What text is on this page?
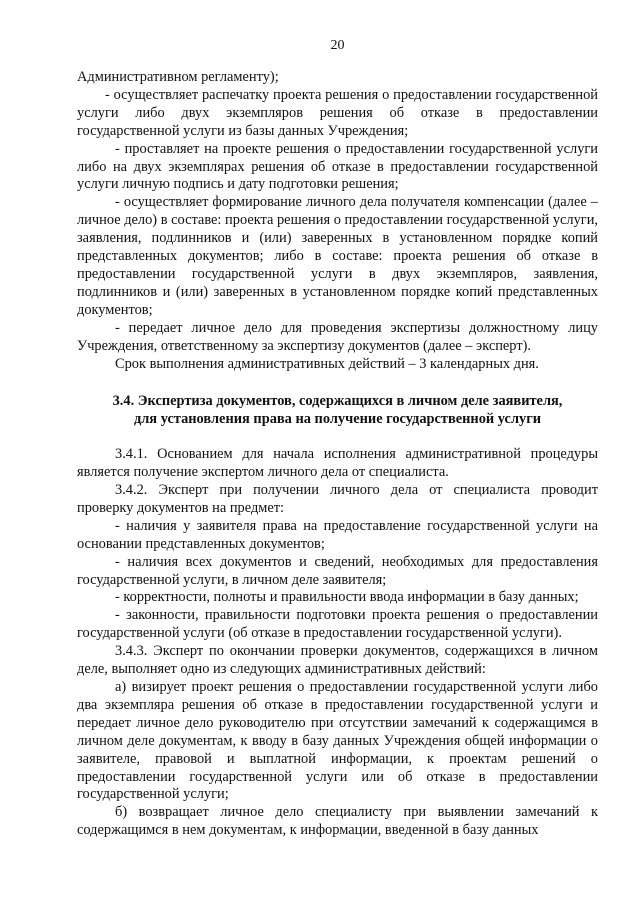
20

Административном регламенту);

- осуществляет распечатку проекта решения о предоставлении государственной услуги либо двух экземпляров решения об отказе в предоставлении государственной услуги из базы данных Учреждения;

- проставляет на проекте решения о предоставлении государственной услуги либо на двух экземплярах решения об отказе в предоставлении государственной услуги личную подпись и дату подготовки решения;

- осуществляет формирование личного дела получателя компенсации (далее – личное дело) в составе: проекта решения о предоставлении государственной услуги, заявления, подлинников и (или) заверенных в установленном порядке копий представленных документов; либо в составе: проекта решения об отказе в предоставлении государственной услуги в двух экземпляров, заявления, подлинников и (или) заверенных в установленном порядке копий представленных документов;

- передает личное дело для проведения экспертизы должностному лицу Учреждения, ответственному за экспертизу документов (далее – эксперт).

Срок выполнения административных действий – 3 календарных дня.

3.4. Экспертиза документов, содержащихся в личном деле заявителя,
для установления права на получение государственной услуги

3.4.1. Основанием для начала исполнения административной процедуры является получение экспертом личного дела от специалиста.

3.4.2. Эксперт при получении личного дела от специалиста проводит проверку документов на предмет:

- наличия у заявителя права на предоставление государственной услуги на основании представленных документов;

- наличия всех документов и сведений, необходимых для предоставления государственной услуги, в личном деле заявителя;

- корректности, полноты и правильности ввода информации в базу данных;

- законности, правильности подготовки проекта решения о предоставлении государственной услуги (об отказе в предоставлении государственной услуги).

3.4.3. Эксперт по окончании проверки документов, содержащихся в личном деле, выполняет одно из следующих административных действий:

а) визирует проект решения о предоставлении государственной услуги либо два экземпляра решения об отказе в предоставлении государственной услуги и передает личное дело руководителю при отсутствии замечаний к содержащимся в личном деле документам, к вводу в базу данных Учреждения общей информации о заявителе, правовой и выплатной информации, к проектам решений о предоставлении государственной услуги или об отказе в предоставлении государственной услуги;

б) возвращает личное дело специалисту при выявлении замечаний к содержащимся в нем документам, к информации, введенной в базу данных
